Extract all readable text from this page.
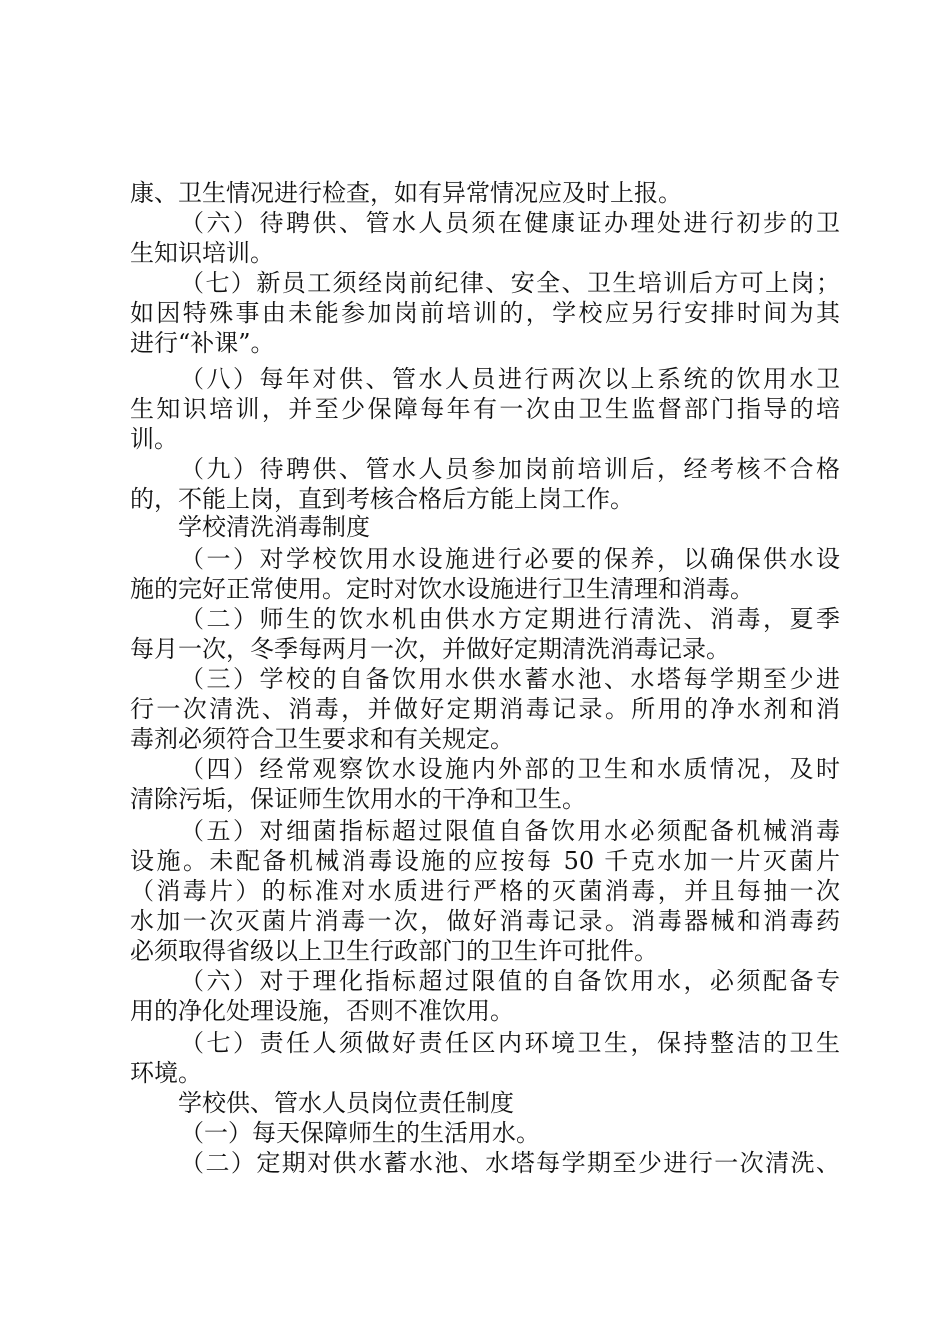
康、卫生情况进行检查，如有异常情况应及时上报。
（六）待聘供、管水人员须在健康证办理处进行初步的卫
生知识培训。
（七）新员工须经岗前纪律、安全、卫生培训后方可上岗；
如因特殊事由未能参加岗前培训的，学校应另行安排时间为其
进行“补课”。
（八）每年对供、管水人员进行两次以上系统的饮用水卫
生知识培训，并至少保障每年有一次由卫生监督部门指导的培
训。
（九）待聘供、管水人员参加岗前培训后，经考核不合格
的，不能上岗，直到考核合格后方能上岗工作。
学校清洗消毒制度
（一）对学校饮用水设施进行必要的保养，以确保供水设
施的完好正常使用。定时对饮水设施进行卫生清理和消毒。
（二）师生的饮水机由供水方定期进行清洗、消毒，夏季
每月一次，冬季每两月一次，并做好定期清洗消毒记录。
（三）学校的自备饮用水供水蓄水池、水塔每学期至少进
行一次清洗、消毒，并做好定期消毒记录。所用的净水剂和消
毒剂必须符合卫生要求和有关规定。
（四）经常观察饮水设施内外部的卫生和水质情况，及时
清除污垢，保证师生饮用水的干净和卫生。
（五）对细菌指标超过限值自备饮用水必须配备机械消毒
设施。未配备机械消毒设施的应按每 50 千克水加一片灭菌片
（消毒片）的标准对水质进行严格的灭菌消毒，并且每抽一次
水加一次灭菌片消毒一次，做好消毒记录。消毒器械和消毒药
必须取得省级以上卫生行政部门的卫生许可批件。
（六）对于理化指标超过限值的自备饮用水，必须配备专
用的净化处理设施，否则不准饮用。
（七）责任人须做好责任区内环境卫生，保持整洁的卫生
环境。
学校供、管水人员岗位责任制度
（一）每天保障师生的生活用水。
（二）定期对供水蓄水池、水塔每学期至少进行一次清洗、
